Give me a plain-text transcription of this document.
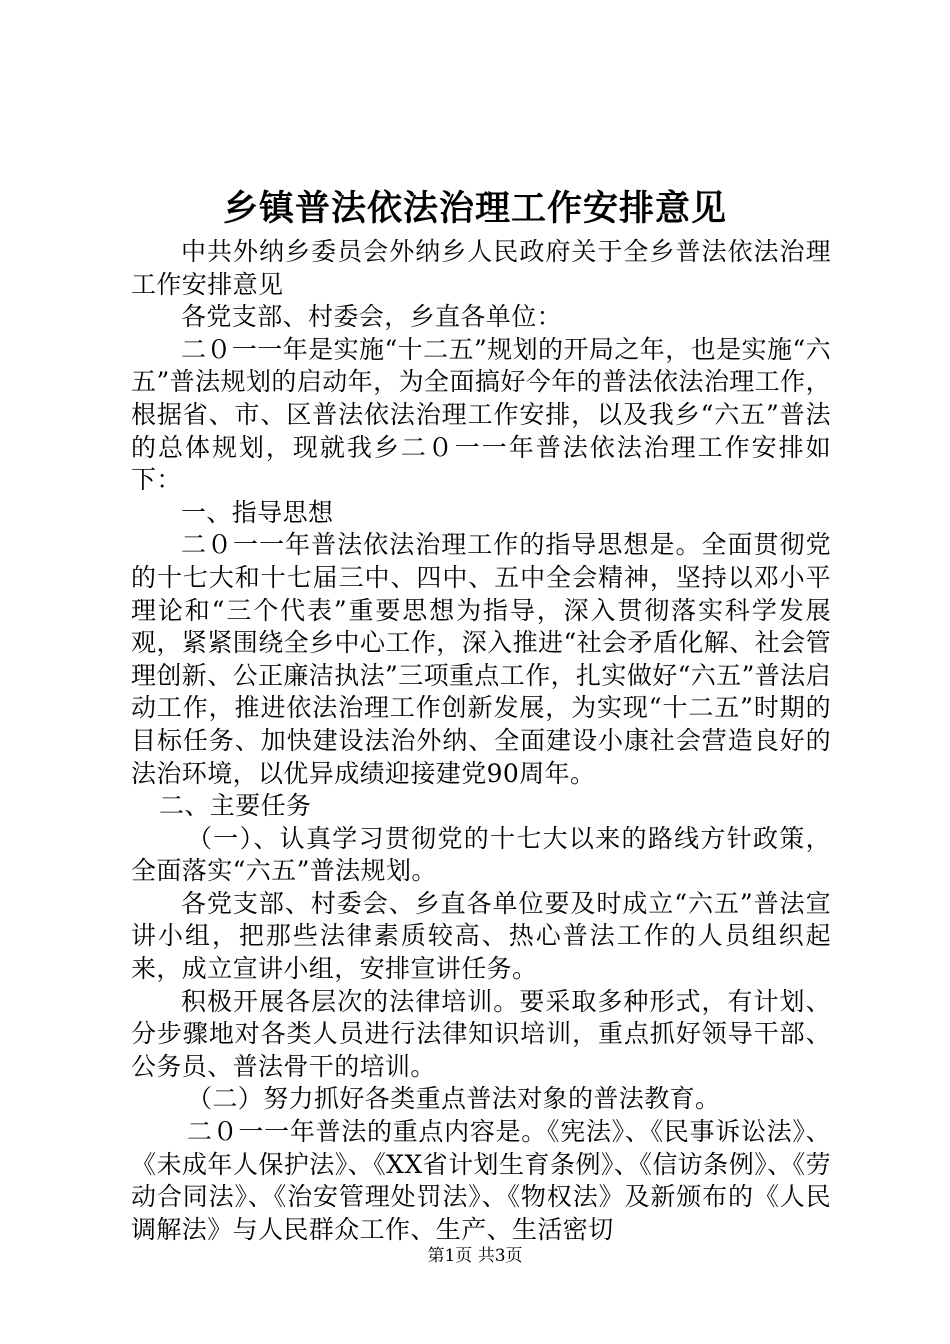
乡镇普法依法治理工作安排意见

中共外纳乡委员会外纳乡人民政府关于全乡普法依法治理工作安排意见

各党支部、村委会，乡直各单位：

二０一一年是实施“十二五”规划的开局之年，也是实施“六五”普法规划的启动年，为全面搞好今年的普法依法治理工作，根据省、市、区普法依法治理工作安排，以及我乡“六五”普法的总体规划，现就我乡二０一一年普法依法治理工作安排如下：

一、指导思想

二０一一年普法依法治理工作的指导思想是。全面贯彻党的十七大和十七届三中、四中、五中全会精神，坚持以邓小平理论和“三个代表”重要思想为指导，深入贯彻落实科学发展观，紧紧围绕全乡中心工作，深入推进“社会矛盾化解、社会管理创新、公正廉洁执法”三项重点工作，扎实做好“六五”普法启动工作，推进依法治理工作创新发展，为实现“十二五”时期的目标任务、加快建设法治外纳、全面建设小康社会营造良好的法治环境，以优异成绩迎接建党90周年。

二、主要任务

（一）、认真学习贯彻党的十七大以来的路线方针政策，全面落实“六五”普法规划。

各党支部、村委会、乡直各单位要及时成立“六五”普法宣讲小组，把那些法律素质较高、热心普法工作的人员组织起来，成立宣讲小组，安排宣讲任务。

积极开展各层次的法律培训。要采取多种形式，有计划、分步骤地对各类人员进行法律知识培训，重点抓好领导干部、公务员、普法骨干的培训。

（二）努力抓好各类重点普法对象的普法教育。

二０一一年普法的重点内容是。《宪法》、《民事诉讼法》、《未成年人保护法》、《XX省计划生育条例》、《信访条例》、《劳动合同法》、《治安管理处罚法》、《物权法》及新颁布的《人民调解法》与人民群众工作、生产、生活密切

第1页 共3页
